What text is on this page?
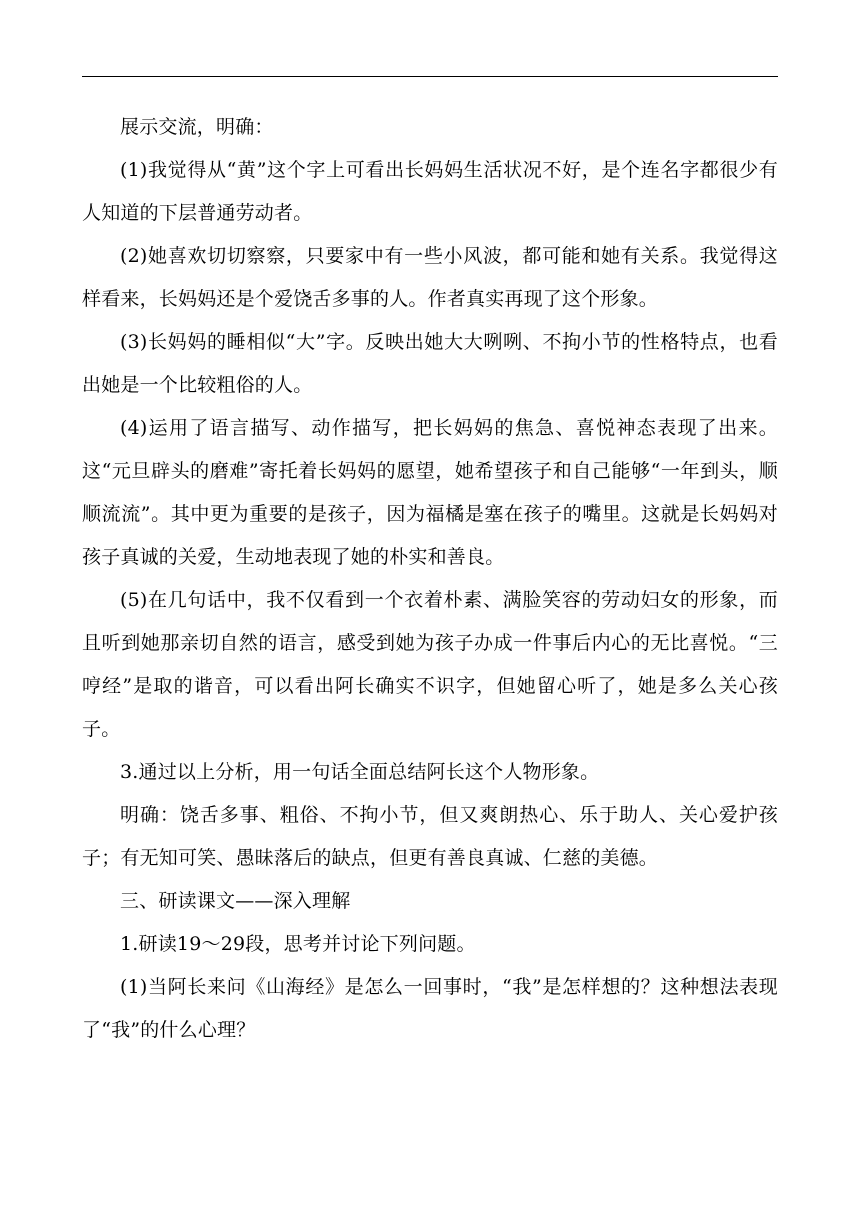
展示交流，明确：

(1)我觉得从“黄”这个字上可看出长妈妈生活状况不好，是个连名字都很少有人知道的下层普通劳动者。

(2)她喜欢切切察察，只要家中有一些小风波，都可能和她有关系。我觉得这样看来，长妈妈还是个爱饶舌多事的人。作者真实再现了这个形象。

(3)长妈妈的睡相似“大”字。反映出她大大咧咧、不拘小节的性格特点，也看出她是一个比较粗俗的人。

(4)运用了语言描写、动作描写，把长妈妈的焦急、喜悦神态表现了出来。这“元旦辟头的磨难”寄托着长妈妈的愿望，她希望孩子和自己能够“一年到头，顺顺流流”。其中更为重要的是孩子，因为福橘是塞在孩子的嘴里。这就是长妈妈对孩子真诚的关爱，生动地表现了她的朴实和善良。

(5)在几句话中，我不仅看到一个衣着朴素、满脸笑容的劳动妇女的形象，而且听到她那亲切自然的语言，感受到她为孩子办成一件事后内心的无比喜悦。“三哼经”是取的谐音，可以看出阿长确实不识字，但她留心听了，她是多么关心孩子。

3.通过以上分析，用一句话全面总结阿长这个人物形象。

明确：饶舌多事、粗俗、不拘小节，但又爽朗热心、乐于助人、关心爱护孩子；有无知可笑、愚昧落后的缺点，但更有善良真诚、仁慈的美德。

三、研读课文——深入理解

1.研读19～29段，思考并讨论下列问题。

(1)当阿长来问《山海经》是怎么一回事时，“我”是怎样想的？这种想法表现了“我”的什么心理？
